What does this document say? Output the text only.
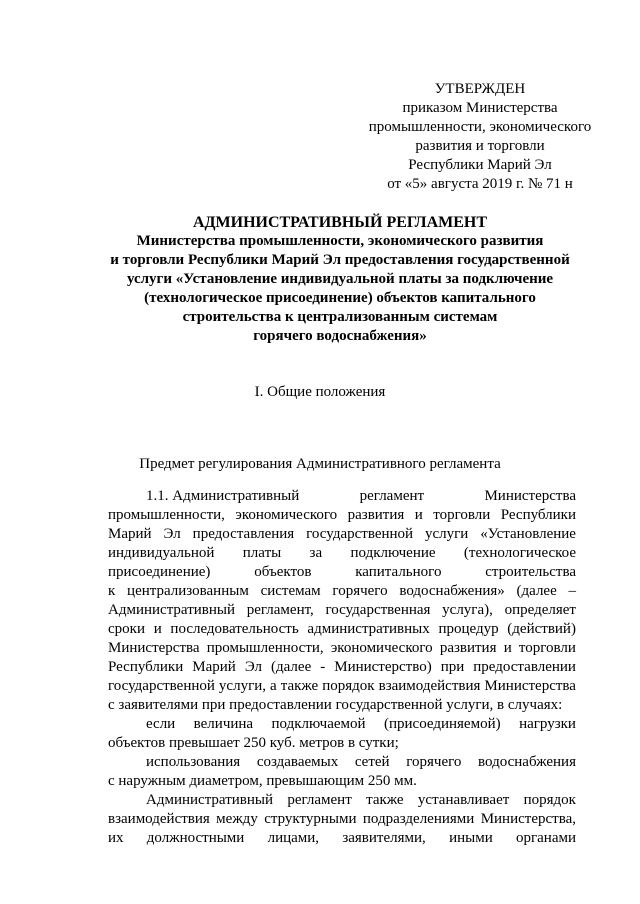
УТВЕРЖДЕН
приказом Министерства
промышленности, экономического
развития и торговли
Республики Марий Эл
от «5» августа 2019 г. № 71 н
АДМИНИСТРАТИВНЫЙ РЕГЛАМЕНТ
Министерства промышленности, экономического развития
и торговли Республики Марий Эл предоставления государственной
услуги «Установление индивидуальной платы за подключение
(технологическое присоединение) объектов капитального
строительства к централизованным системам
горячего водоснабжения»
I. Общие положения
Предмет регулирования Административного регламента
1.1. Административный	регламент	Министерства
промышленности, экономического развития и торговли Республики
Марий Эл предоставления государственной услуги «Установление
индивидуальной платы за подключение (технологическое
присоединение)	объектов	капитального	строительства
к централизованным системам горячего водоснабжения» (далее –
Административный регламент, государственная услуга), определяет
сроки и последовательность административных процедур (действий)
Министерства промышленности, экономического развития и торговли
Республики Марий Эл (далее - Министерство) при предоставлении
государственной услуги, а также порядок взаимодействия Министерства
с заявителями при предоставлении государственной услуги, в случаях:
если величина подключаемой (присоединяемой) нагрузки
объектов превышает 250 куб. метров в сутки;
использования создаваемых сетей горячего водоснабжения
с наружным диаметром, превышающим 250 мм.
Административный регламент также устанавливает порядок
взаимодействия между структурными подразделениями Министерства,
их должностными лицами, заявителями, иными органами
